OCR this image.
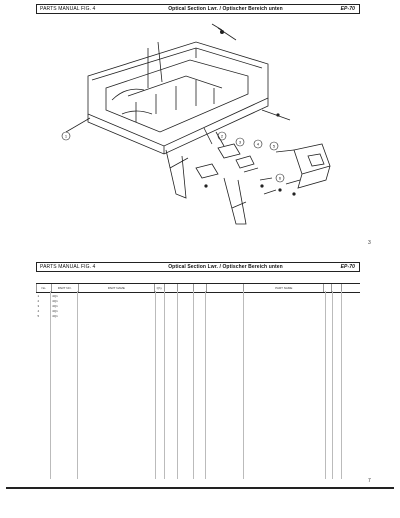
PARTS MANUAL FIG. 4	Optical Section Lwr. / Optischer Bereich unten	EP-70
1	2
3	4	5
6
3
PARTS MANUAL FIG. 4	Optical Section Lwr. / Optischer Bereich unten	EP-70
No.	PART NO.	PART NAME	Q'ty					PART NAME			
1	4Q1										
2	4Q1										
3	4Q1										
4	4Q1										
5	4Q1										
7
